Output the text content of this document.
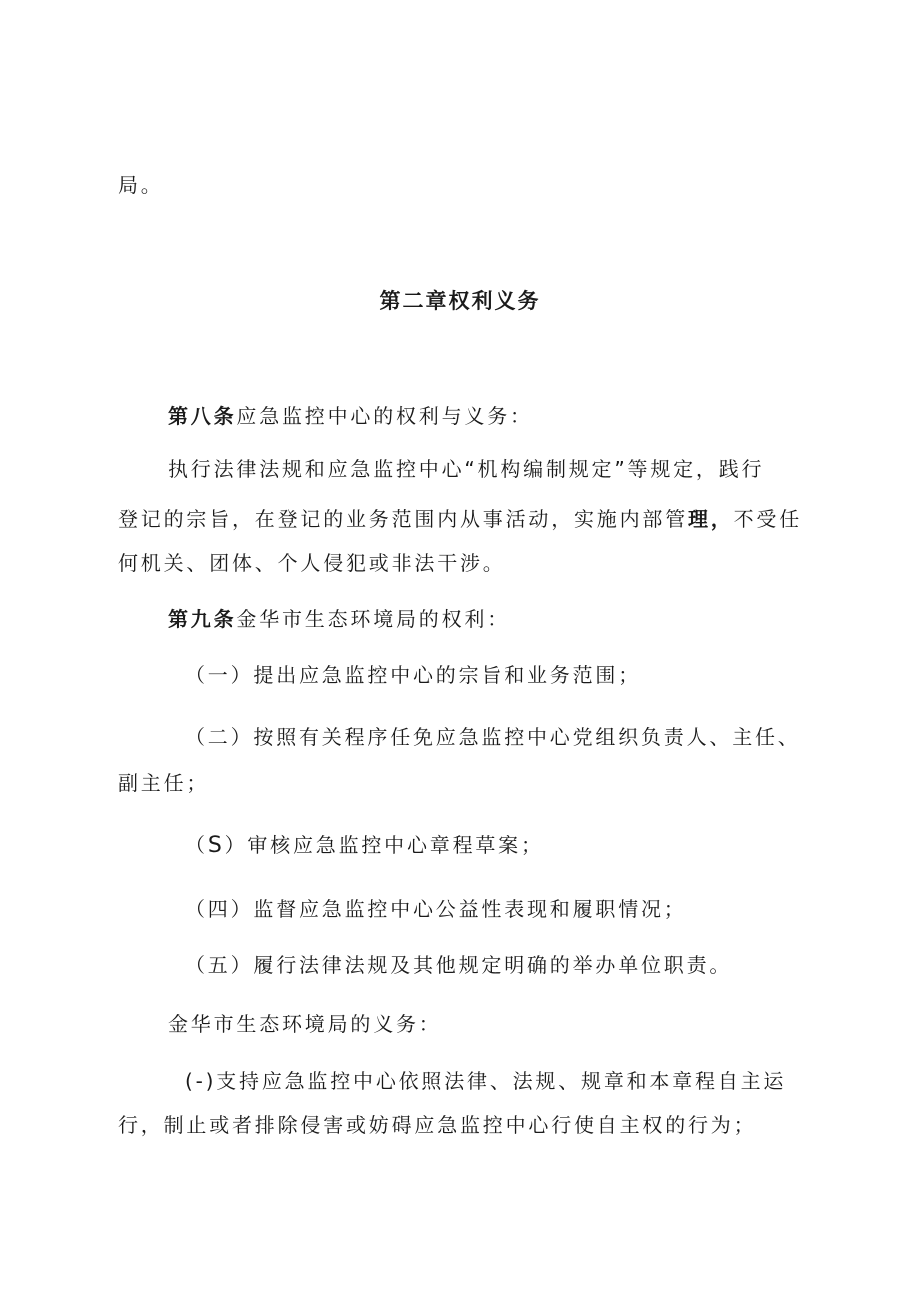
局。
第二章权利义务
第八条应急监控中心的权利与义务：
执行法律法规和应急监控中心“机构编制规定”等规定，践行
登记的宗旨，在登记的业务范围内从事活动，实施内部管理，不受任
何机关、团体、个人侵犯或非法干涉。
第九条金华市生态环境局的权利：
（一）提出应急监控中心的宗旨和业务范围；
（二）按照有关程序任免应急监控中心党组织负责人、主任、
副主任；
（S）审核应急监控中心章程草案；
（四）监督应急监控中心公益性表现和履职情况；
（五）履行法律法规及其他规定明确的举办单位职责。
金华市生态环境局的义务：
(-)支持应急监控中心依照法律、法规、规章和本章程自主运
行，制止或者排除侵害或妨碍应急监控中心行使自主权的行为；
